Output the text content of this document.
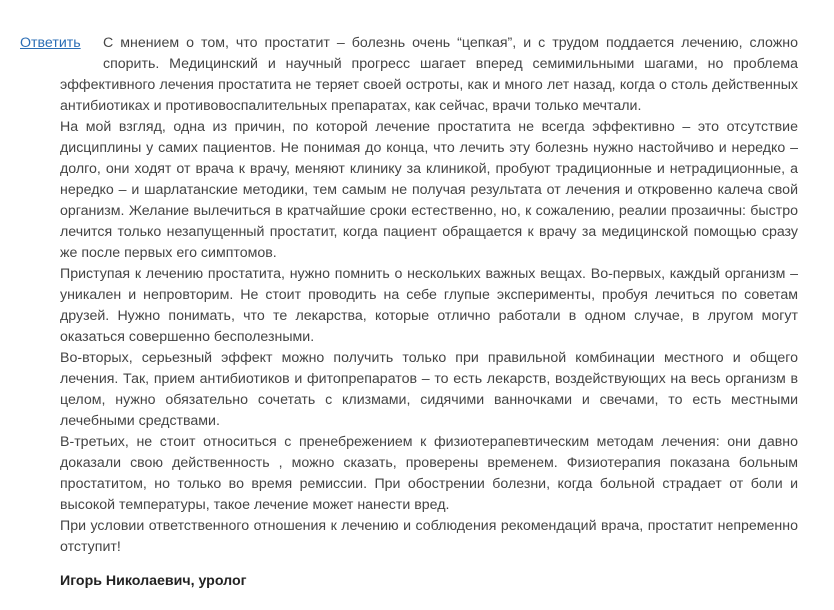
Ответить	С мнением о том, что простатит – болезнь очень “цепкая”, и с трудом поддается лечению, сложно спорить. Медицинский и научный прогресс шагает вперед семимильными шагами, но проблема эффективного лечения простатита не теряет своей остроты, как и много лет назад, когда о столь действенных антибиотиках и противовоспалительных препаратах, как сейчас, врачи только мечтали.

На мой взгляд, одна из причин, по которой лечение простатита не всегда эффективно – это отсутствие дисциплины у самих пациентов. Не понимая до конца, что лечить эту болезнь нужно настойчиво и нередко – долго, они ходят от врача к врачу, меняют клинику за клиникой, пробуют традиционные и нетрадиционные, а нередко – и шарлатанские методики, тем самым не получая результата от лечения и откровенно калеча свой организм. Желание вылечиться в кратчайшие сроки естественно, но, к сожалению, реалии прозаичны: быстро лечится только незапущенный простатит, когда пациент обращается к врачу за медицинской помощью сразу же после первых его симптомов.

Приступая к лечению простатита, нужно помнить о нескольких важных вещах. Во-первых, каждый организм – уникален и непровторим. Не стоит проводить на себе глупые эксперименты, пробуя лечиться по советам друзей. Нужно понимать, что те лекарства, которые отлично работали в одном случае, в лругом могут оказаться совершенно бесполезными.

Во-вторых, серьезный эффект можно получить только при правильной комбинации местного и общего лечения. Так, прием антибиотиков и фитопрепаратов – то есть лекарств, воздействующих на весь организм в целом, нужно обязательно сочетать с клизмами, сидячими ванночками и свечами, то есть местными лечебными средствами.

В-третьих, не стоит относиться с пренебрежением к физиотерапевтическим методам лечения: они давно доказали свою действенность , можно сказать, проверены временем. Физиотерапия показана больным простатитом, но только во время ремиссии. При обострении болезни, когда больной страдает от боли и высокой температуры, такое лечение может нанести вред.

При условии ответственного отношения к лечению и соблюдения рекомендаций врача, простатит непременно отступит!

Игорь Николаевич, уролог
